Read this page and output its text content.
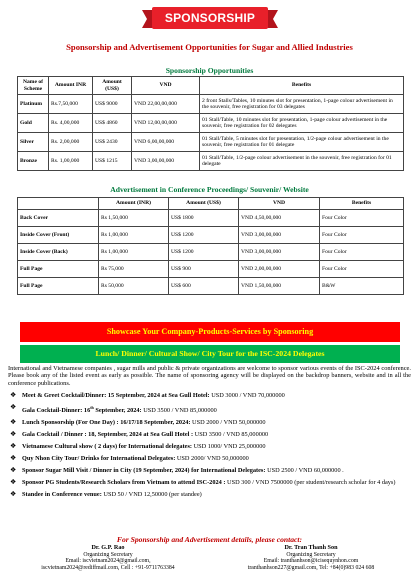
SPONSORSHIP
Sponsorship and Advertisement Opportunities for Sugar and Allied Industries
Sponsorship Opportunities
Name of Scheme	Amount INR	Amount (US$)	VND	Benefits
Platinum	Rs.7,50,000	US$ 9000	VND 22,00,00,000	2 front Stalls/Tables, 10 minutes slot for presentation, 1-page colour advertisement in the souvenir, free registration for 03 delegates
Gold	Rs. 4,00,000	US$ 4860	VND 12,00,00,000	01 Stall/Table, 10 minutes slot for presentation, 1-page colour advertisement in the souvenir, free registration for 02 delegates
Silver	Rs. 2,00,000	US$ 2430	VND 6,00,00,000	01 Stall/Table, 5 minutes slot for presentation, 1/2-page colour advertisement in the souvenir, free registration for 01 delegate
Bronze	Rs. 1,00,000	US$ 1215	VND 3,00,00,000	01 Stall/Table, 1/2-page colour advertisement in the souvenir, free registration for 01 delegate
Advertisement in Conference Proceedings/ Souvenir/ Website
	Amount (INR)	Amount (US$)	VND	Benefits
Back Cover	Rs 1,50,000	US$ 1800	VND 4,50,00,000	Four Color
Inside Cover (Front)	Rs 1,00,000	US$ 1200	VND 3,00,00,000	Four Color
Inside Cover (Back)	Rs 1,00,000	US$ 1200	VND 3,00,00,000	Four Color
Full Page	Rs 75,000	US$ 900	VND 2,00,00,000	Four Color
Full Page	Rs 50,000	US$ 600	VND 1,50,00,000	B&W
Showcase Your Company-Products-Services by Sponsoring
Lunch/ Dinner/ Cultural Show/ City Tour for the ISC-2024 Delegates
International and Vietnamese companies , sugar mills and public & private organizations are welcome to sponsor various events of the ISC-2024 conference. Please book any of the listed event as early as possible. The name of sponsoring agency will be displayed on the backdrop banners, website and in all the conference publications.
❖ Meet & Greet Cocktail/Dinner: 15 September, 2024 at Sea Gull Hotel: USD 3000 / VND 70,000000
❖ Gala Cocktail-Dinner: 16th September, 2024: USD 3500 / VND 85,000000
❖ Lunch Sponsorship (For One Day) : 16/17/18 September, 2024: USD 2000 / VND 50,000000
❖ Gala Cocktail / Dinner : 18, September, 2024 at Sea Gull Hotel : USD 3500 / VND 85,000000
❖ Vietnamese Cultural show ( 2 days) for International delegates: USD 1000/ VND 25,000000
❖ Quy Nhon City Tour/ Drinks for International Delegates: USD 2000/ VND 50,000000
❖ Sponsor Sugar Mill Visit / Dinner in City (19 September, 2024) for International Delegates: USD 2500 / VND 60,000000 .
❖ Sponsor PG Students/Research Scholars from Vietnam to attend ISC-2024 : USD 300 / VND 7500000 (per student/research scholar for 4 days)
❖ Standee in Conference venue: USD 50 / VND 12,50000 (per standee)
For Sponsorship and Advertisement details, please contact:
Dr. G.P. Rao
Organizing Secretary
Email: iscvietnam2024@gmail.com,
iscvietnam2024@rediffmail.com, Cell : +91-9711763384
Dr. Tran Thanh Son
Organizing Secretary
Email: tranthanhson@icisequynhon.com
tranthanhson227@gmail.com, Tel: +84(0)983 024 608
